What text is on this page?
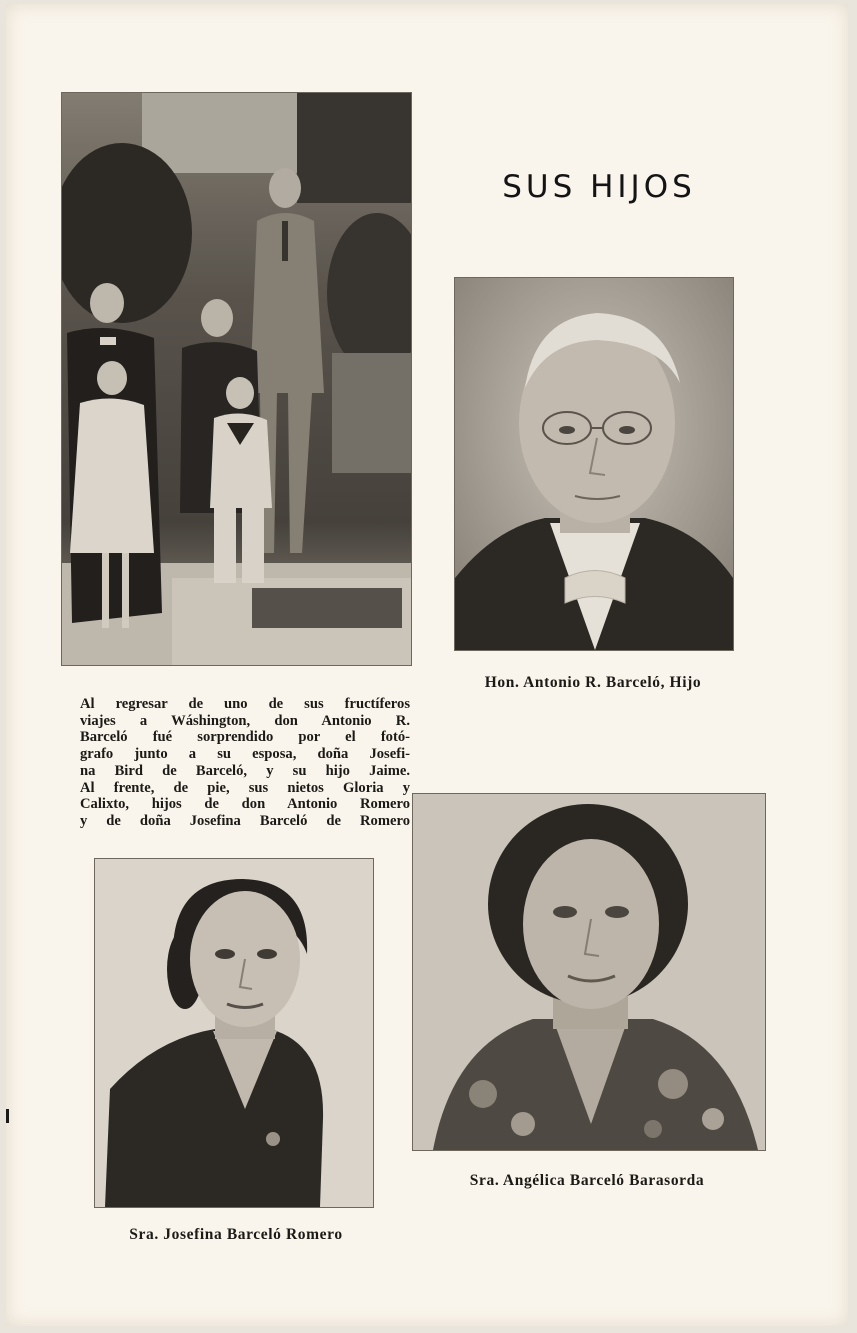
SUS HIJOS
Hon. Antonio R. Barceló, Hijo
Al regresar de uno de sus fructíferos
viajes a Wáshington, don Antonio R.
Barceló fué sorprendido por el fotó-
grafo junto a su esposa, doña Josefi-
na Bird de Barceló, y su hijo Jaime.
Al frente, de pie, sus nietos Gloria y
Calixto, hijos de don Antonio Romero
y de doña Josefina Barceló de Romero
Sra. Angélica Barceló Barasorda
Sra. Josefina Barceló Romero
